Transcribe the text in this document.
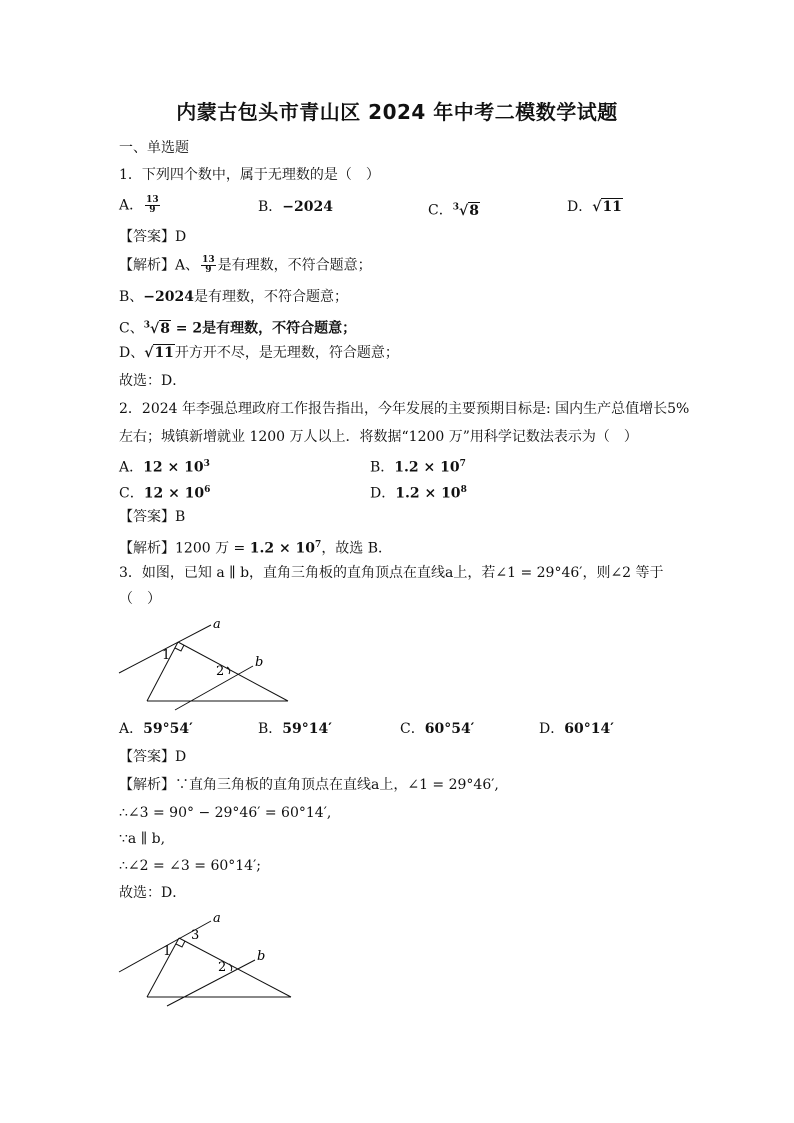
内蒙古包头市青山区 2024 年中考二模数学试题
一、单选题
1．下列四个数中，属于无理数的是（　）
A． $\frac{13}{9}$	B．−2024	C．$^3$√8	D．√11
【答案】D
【解析】A、 $\frac{13}{9}$ 是有理数，不符合题意；
B、−2024是有理数，不符合题意；
C、$^3$√8 = 2是有理数，不符合题意；
D、√11开方开不尽，是无理数，符合题意；
故选：D．
2．2024 年李强总理政府工作报告指出，今年发展的主要预期目标是: 国内生产总值增长5%
左右；城镇新增就业 1200 万人以上．将数据“1200 万”用科学记数法表示为（　）
A．$12 \times 10^3$	B．$1.2 \times 10^7$
C．$12 \times 10^6$	D．$1.2 \times 10^8$
【答案】B
【解析】1200 万 = $1.2 \times 10^7$，故选 B．
3．如图，已知 a ∥ b，直角三角板的直角顶点在直线a上，若∠1 = 29°46′，则∠2 等于
（　）
a
b
1
2
A．59°54′	B．59°14′	C．60°54′	D．60°14′
【答案】D
【解析】∵直角三角板的直角顶点在直线a上，∠1 = 29°46′,
∴∠3 = 90° − 29°46′ = 60°14′,
∵a ∥ b,
∴∠2 = ∠3 = 60°14′;
故选：D．
a
b
1
3
2
